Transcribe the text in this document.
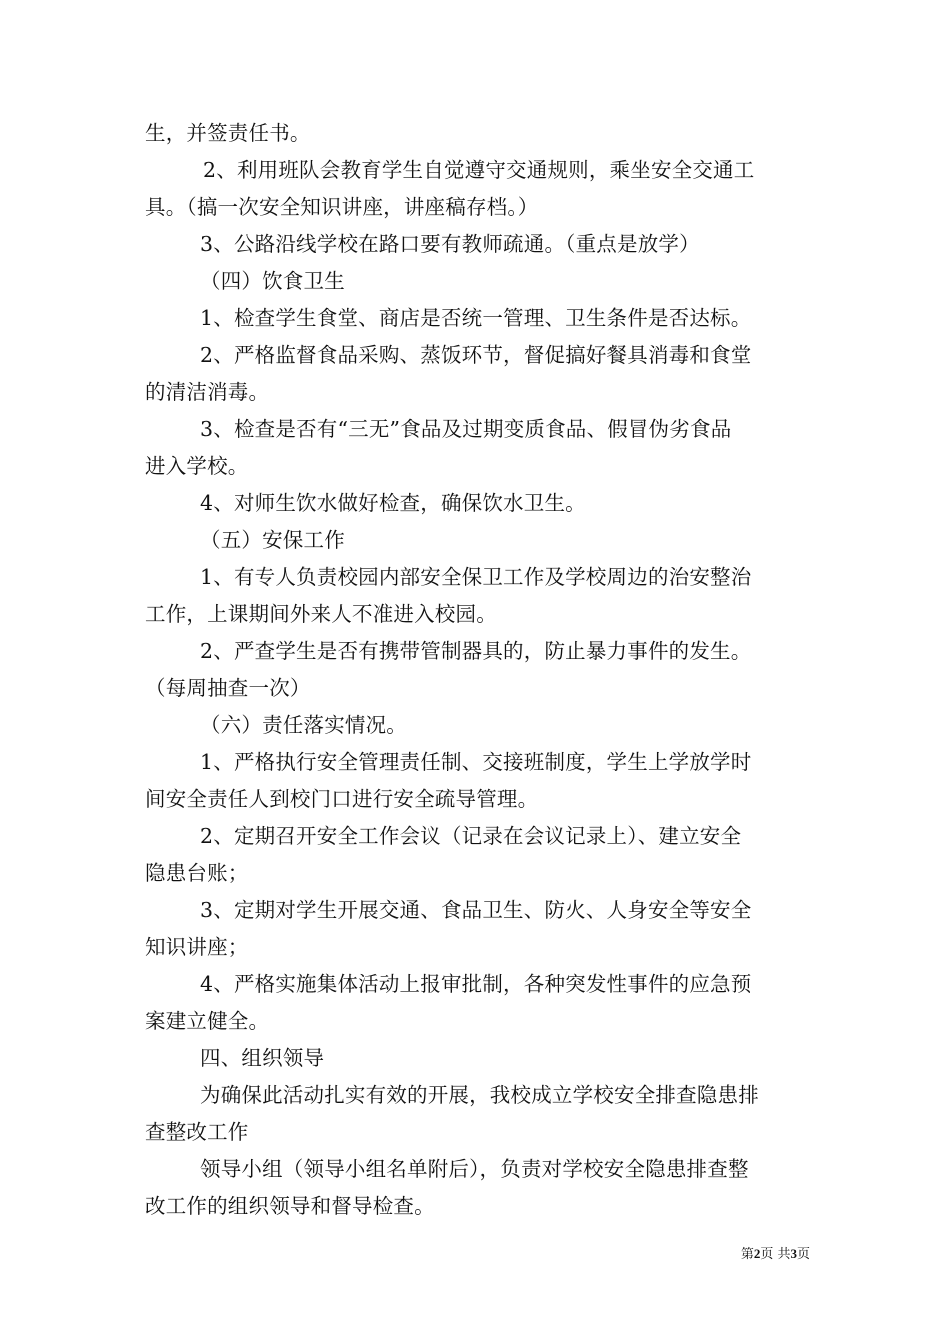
生，并签责任书。
2、利用班队会教育学生自觉遵守交通规则，乘坐安全交通工
具。（搞一次安全知识讲座，讲座稿存档。）
3、公路沿线学校在路口要有教师疏通。（重点是放学）
（四）饮食卫生
1、检查学生食堂、商店是否统一管理、卫生条件是否达标。
2、严格监督食品采购、蒸饭环节，督促搞好餐具消毒和食堂
的清洁消毒。
3、检查是否有“三无”食品及过期变质食品、假冒伪劣食品
进入学校。
4、对师生饮水做好检查，确保饮水卫生。
（五）安保工作
1、有专人负责校园内部安全保卫工作及学校周边的治安整治
工作，上课期间外来人不准进入校园。
2、严查学生是否有携带管制器具的，防止暴力事件的发生。
（每周抽查一次）
（六）责任落实情况。
1、严格执行安全管理责任制、交接班制度，学生上学放学时
间安全责任人到校门口进行安全疏导管理。
2、定期召开安全工作会议（记录在会议记录上）、建立安全
隐患台账；
3、定期对学生开展交通、食品卫生、防火、人身安全等安全
知识讲座；
4、严格实施集体活动上报审批制，各种突发性事件的应急预
案建立健全。
四、组织领导
为确保此活动扎实有效的开展，我校成立学校安全排查隐患排
查整改工作
领导小组（领导小组名单附后），负责对学校安全隐患排查整
改工作的组织领导和督导检查。
第2页 共3页
